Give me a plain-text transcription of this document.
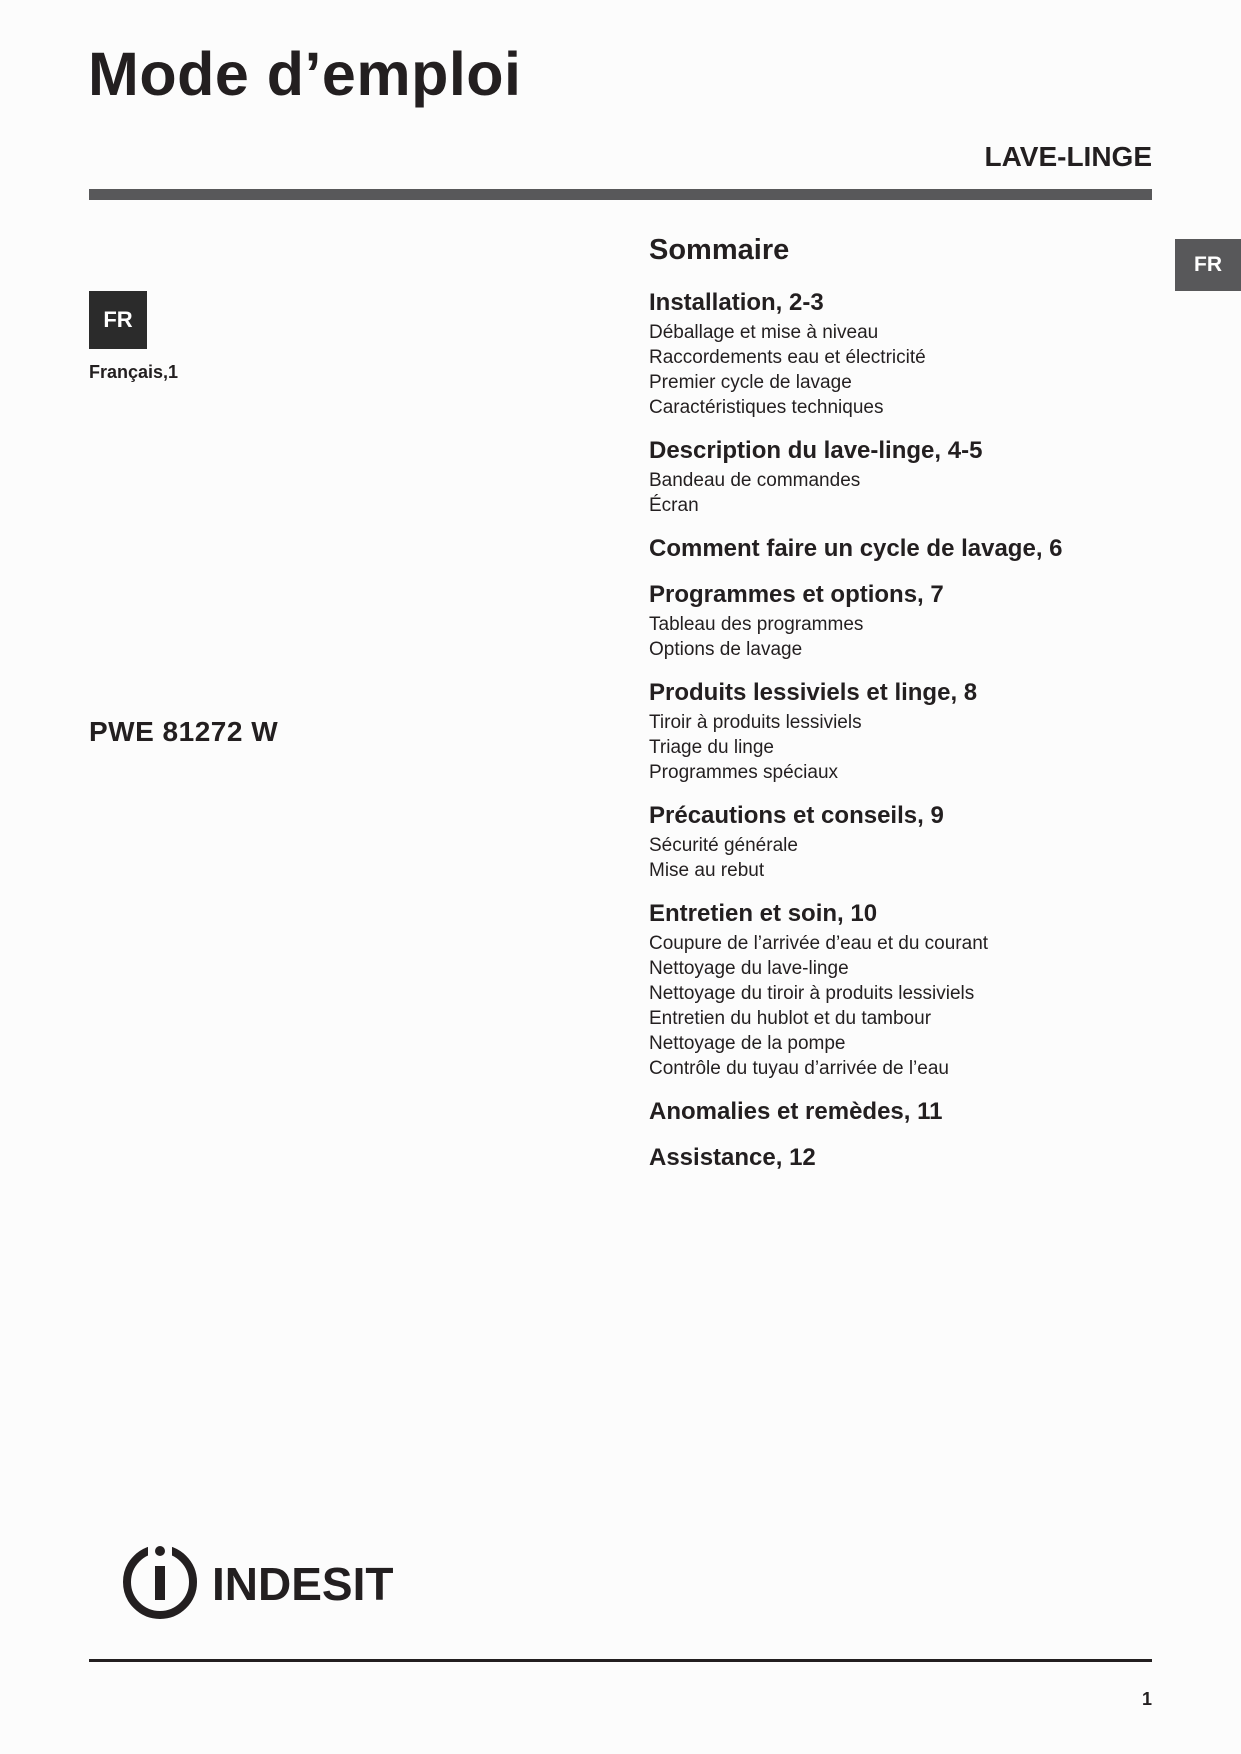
Mode d’emploi
LAVE-LINGE
FR
FR
Français,1
PWE 81272 W
Sommaire
Installation, 2-3
Déballage et mise à niveau
Raccordements eau et électricité
Premier cycle de lavage
Caractéristiques techniques
Description du lave-linge, 4-5
Bandeau de commandes
Écran
Comment faire un cycle de lavage, 6
Programmes et options, 7
Tableau des programmes
Options de lavage
Produits lessiviels et linge, 8
Tiroir à produits lessiviels
Triage du linge
Programmes spéciaux
Précautions et conseils, 9
Sécurité générale
Mise au rebut
Entretien et soin, 10
Coupure de l’arrivée d’eau et du courant
Nettoyage du lave-linge
Nettoyage du tiroir à produits lessiviels
Entretien du hublot et du tambour
Nettoyage de la pompe
Contrôle du tuyau d’arrivée de l’eau
Anomalies et remèdes, 11
Assistance, 12
INDESIT
1
